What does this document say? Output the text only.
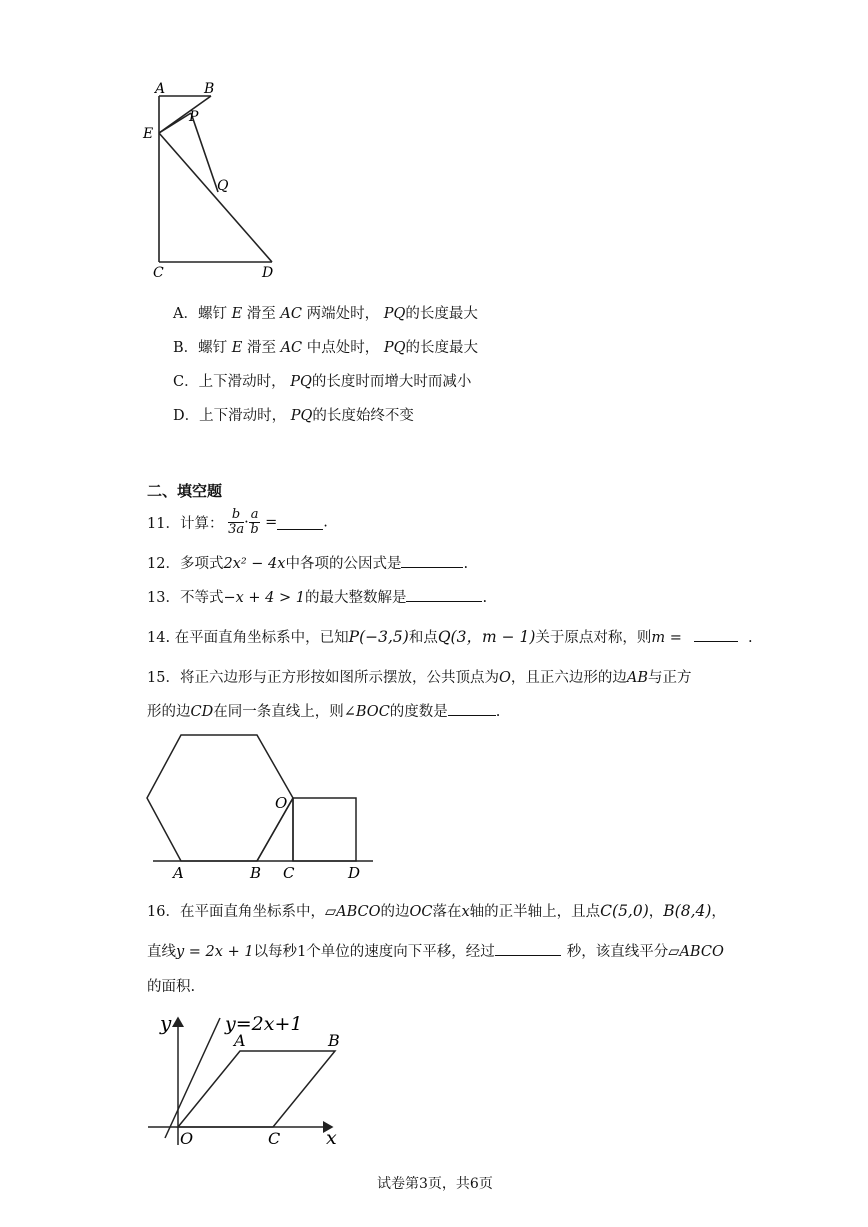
A	B
P
E
Q
C	D
A．螺钉 E 滑至 AC 两端处时， PQ的长度最大
B．螺钉 E 滑至 AC 中点处时， PQ的长度最大
C．上下滑动时， PQ的长度时而增大时而减小
D．上下滑动时， PQ的长度始终不变
二、填空题
11．计算： $\frac{b}{3a} \cdot \frac{a}{b}$ =	.
12．多项式2x² − 4x中各项的公因式是	.
13．不等式−x + 4 > 1的最大整数解是	.
14. 在平面直角坐标系中，已知P(−3,5)和点Q(3，m − 1)关于原点对称，则m =	.
15．将正六边形与正方形按如图所示摆放，公共顶点为O，且正六边形的边AB与正方
形的边CD在同一条直线上，则∠BOC的度数是	.
O
A	B C	D
16．在平面直角坐标系中，▱ABCO的边OC落在x轴的正半轴上，且点C(5,0)，B(8,4)，
直线y = 2x + 1以每秒1个单位的速度向下平移，经过	秒，该直线平分▱ABCO
的面积.
y	y=2x+1
A	B
O	C x
试卷第3页，共6页
